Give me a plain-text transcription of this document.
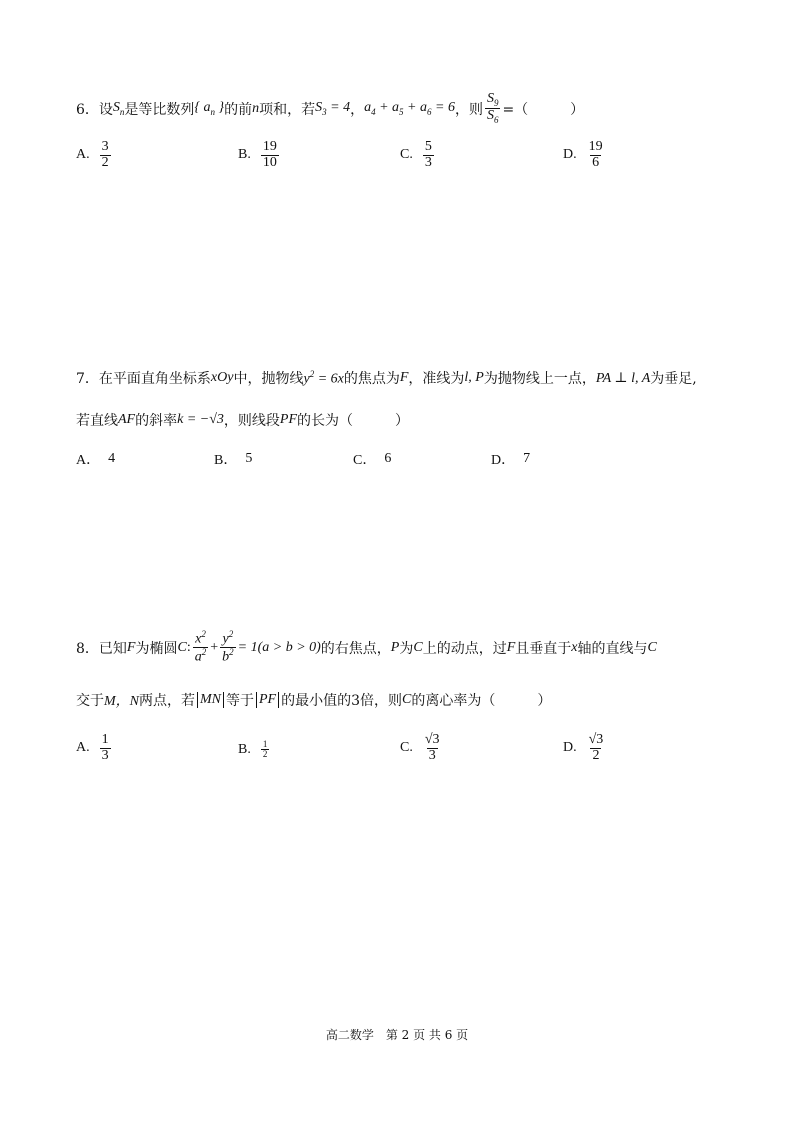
6． 设 $S_n$ 是等比数列 { $a_n$ } 的前 n 项和，若 $S_3 = 4$ ， $a_4 + a_5 + a_6 = 6$ ，则 $\frac{S_9}{S_6}$ =（　　　）
A. $\frac{3}{2}$	B. $\frac{19}{10}$	C. $\frac{5}{3}$	D. $\frac{19}{6}$
7． 在平面直角坐标系 xOy 中，抛物线 $y^2 = 6x$ 的焦点为 F ，准线为 l, P 为抛物线上一点， PA ⊥ l, A 为垂足,
若直线 AF 的斜率 k = −√3 ，则线段 PF 的长为（　　　）
A． 4	B． 5	C． 6	D． 7
8． 已知 F 为椭圆 C : $\frac{x^2}{a^2} + \frac{y^2}{b^2} = 1(a > b > 0)$ 的右焦点， P 为 C 上的动点，过 F 且垂直于 x 轴的直线与 C
交于 M，N 两点，若 MN 等于 PF 的最小值的3倍，则 C 的离心率为（　　　）
A. $\frac{1}{3}$	B. $\frac{1}{2}$	C. $\frac{√3}{3}$	D. $\frac{√3}{2}$
高二数学　第 2 页 共 6 页
